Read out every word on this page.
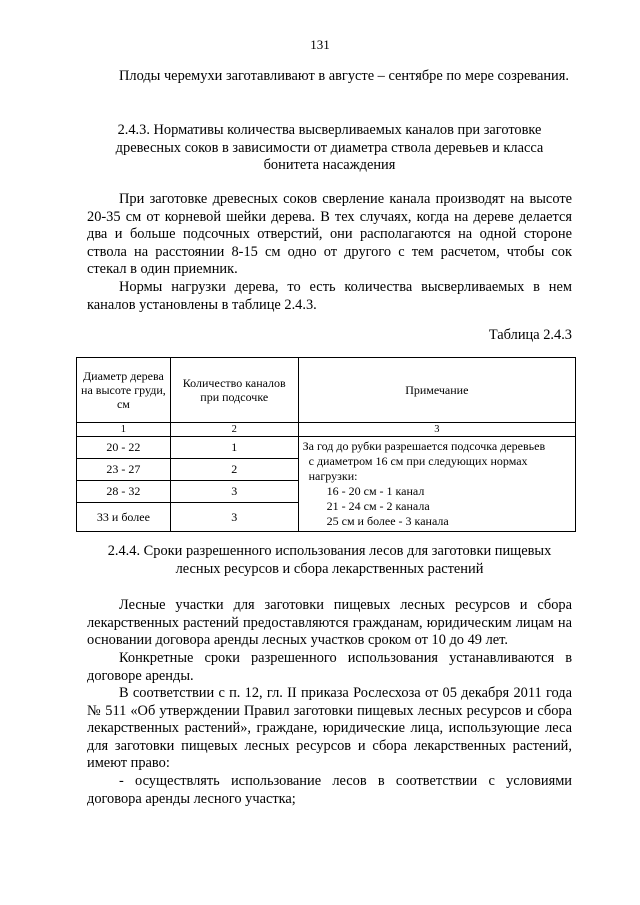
131

Плоды черемухи заготавливают в августе – сентябре по мере созревания.

2.4.3. Нормативы количества высверливаемых каналов при заготовке древесных соков в зависимости от диаметра ствола деревьев и класса бонитета насаждения

При заготовке древесных соков сверление канала производят на высоте 20-35 см от корневой шейки дерева. В тех случаях, когда на дереве делается два и больше подсочных отверстий, они располагаются на одной стороне ствола на расстоянии 8-15 см одно от другого с тем расчетом, чтобы сок стекал в один приемник.

Нормы нагрузки дерева, то есть количества высверливаемых в нем каналов установлены в таблице 2.4.3.

Таблица 2.4.3
Диаметр дерева на высоте груди, см	Количество каналов при подсочке	Примечание
1	2	3
20 - 22	1	За год до рубки разрешается подсочка деревьев
с диаметром 16 см при следующих нормах нагрузки:
16 - 20 см - 1 канал
21 - 24 см - 2 канала
25 см и более - 3 канала

23 - 27	2	
28 - 32	3	
33 и более	3	

2.4.4. Сроки разрешенного использования лесов для заготовки пищевых лесных ресурсов и сбора лекарственных растений

Лесные участки для заготовки пищевых лесных ресурсов и сбора лекарственных растений предоставляются гражданам, юридическим лицам на основании договора аренды лесных участков сроком от 10 до 49 лет.

Конкретные сроки разрешенного использования устанавливаются в договоре аренды.

В соответствии с п. 12, гл. II приказа Рослесхоза от 05 декабря 2011 года № 511 «Об утверждении Правил заготовки пищевых лесных ресурсов и сбора лекарственных растений», граждане, юридические лица, использующие леса для заготовки пищевых лесных ресурсов и сбора лекарственных растений, имеют право:

- осуществлять использование лесов в соответствии с условиями договора аренды лесного участка;
